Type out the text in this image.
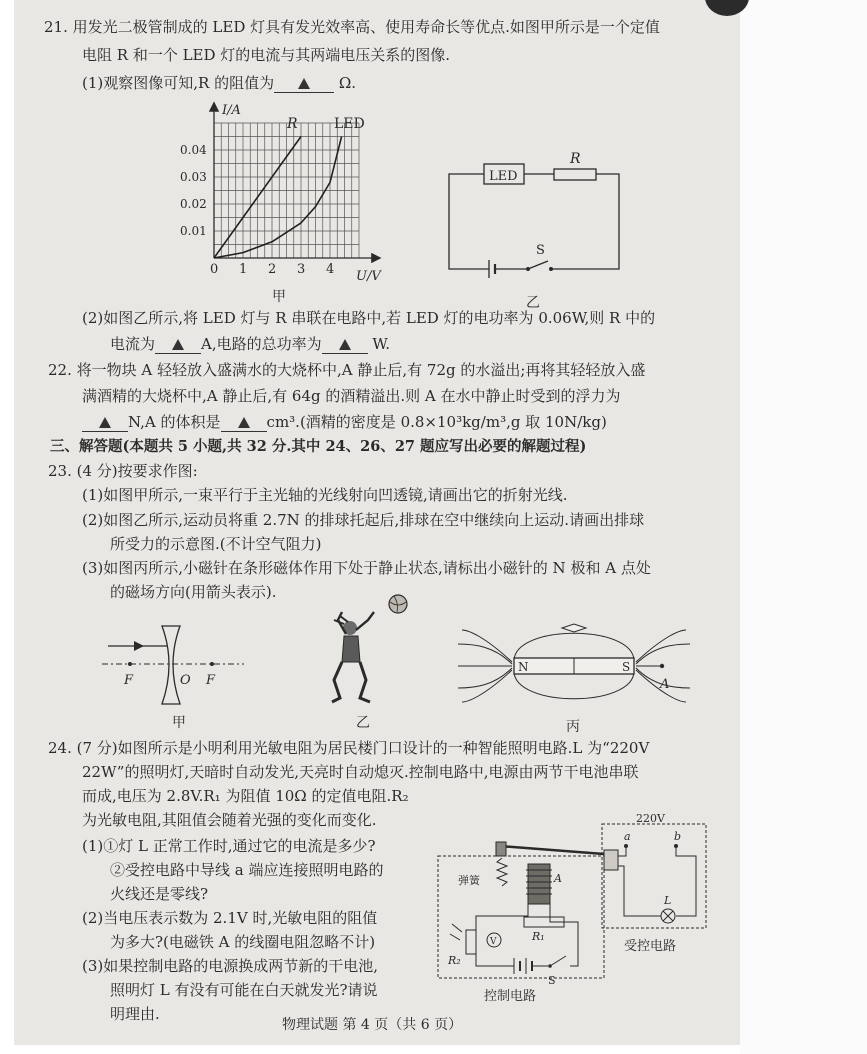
21. 用发光二极管制成的 LED 灯具有发光效率高、使用寿命长等优点.如图甲所示是一个定值
电阻 R 和一个 LED 灯的电流与其两端电压关系的图像.
(1)观察图像可知,R 的阻值为	Ω.
I/A
U/V
0 1 2 3 4
0.01
0.02
0.03
0.04
R	LED
甲
LED
R
S
乙
(2)如图乙所示,将 LED 灯与 R 串联在电路中,若 LED 灯的电功率为 0.06W,则 R 中的
电流为	A,电路的总功率为	W.
22. 将一物块 A 轻轻放入盛满水的大烧杯中,A 静止后,有 72g 的水溢出;再将其轻轻放入盛
满酒精的大烧杯中,A 静止后,有 64g 的酒精溢出.则 A 在水中静止时受到的浮力为
N,A 的体积是	cm³.(酒精的密度是 0.8×10³kg/m³,g 取 10N/kg)
三、解答题(本题共 5 小题,共 32 分.其中 24、26、27 题应写出必要的解题过程)
23. (4 分)按要求作图:
(1)如图甲所示,一束平行于主光轴的光线射向凹透镜,请画出它的折射光线.
(2)如图乙所示,运动员将重 2.7N 的排球托起后,排球在空中继续向上运动.请画出排球
所受力的示意图.(不计空气阻力)
(3)如图丙所示,小磁针在条形磁体作用下处于静止状态,请标出小磁针的 N 极和 A 点处
的磁场方向(用箭头表示).
F	O F
甲	乙
N	S
A
丙
24. (7 分)如图所示是小明利用光敏电阻为居民楼门口设计的一种智能照明电路.L 为“220V
22W”的照明灯,天暗时自动发光,天亮时自动熄灭.控制电路中,电源由两节干电池串联
而成,电压为 2.8V.R₁ 为阻值 10Ω 的定值电阻.R₂
为光敏电阻,其阻值会随着光强的变化而变化.
(1)①灯 L 正常工作时,通过它的电流是多少?
②受控电路中导线 a 端应连接照明电路的
火线还是零线?
(2)当电压表示数为 2.1V 时,光敏电阻的阻值
为多大?(电磁铁 A 的线圈电阻忽略不计)
(3)如果控制电路的电源换成两节新的干电池,
照明灯 L 有没有可能在白天就发光?请说
明理由.
220V
a	b
L
受控电路
弹簧	A
R₁
V
R₂
S
控制电路
物理试题 第 4 页（共 6 页）
